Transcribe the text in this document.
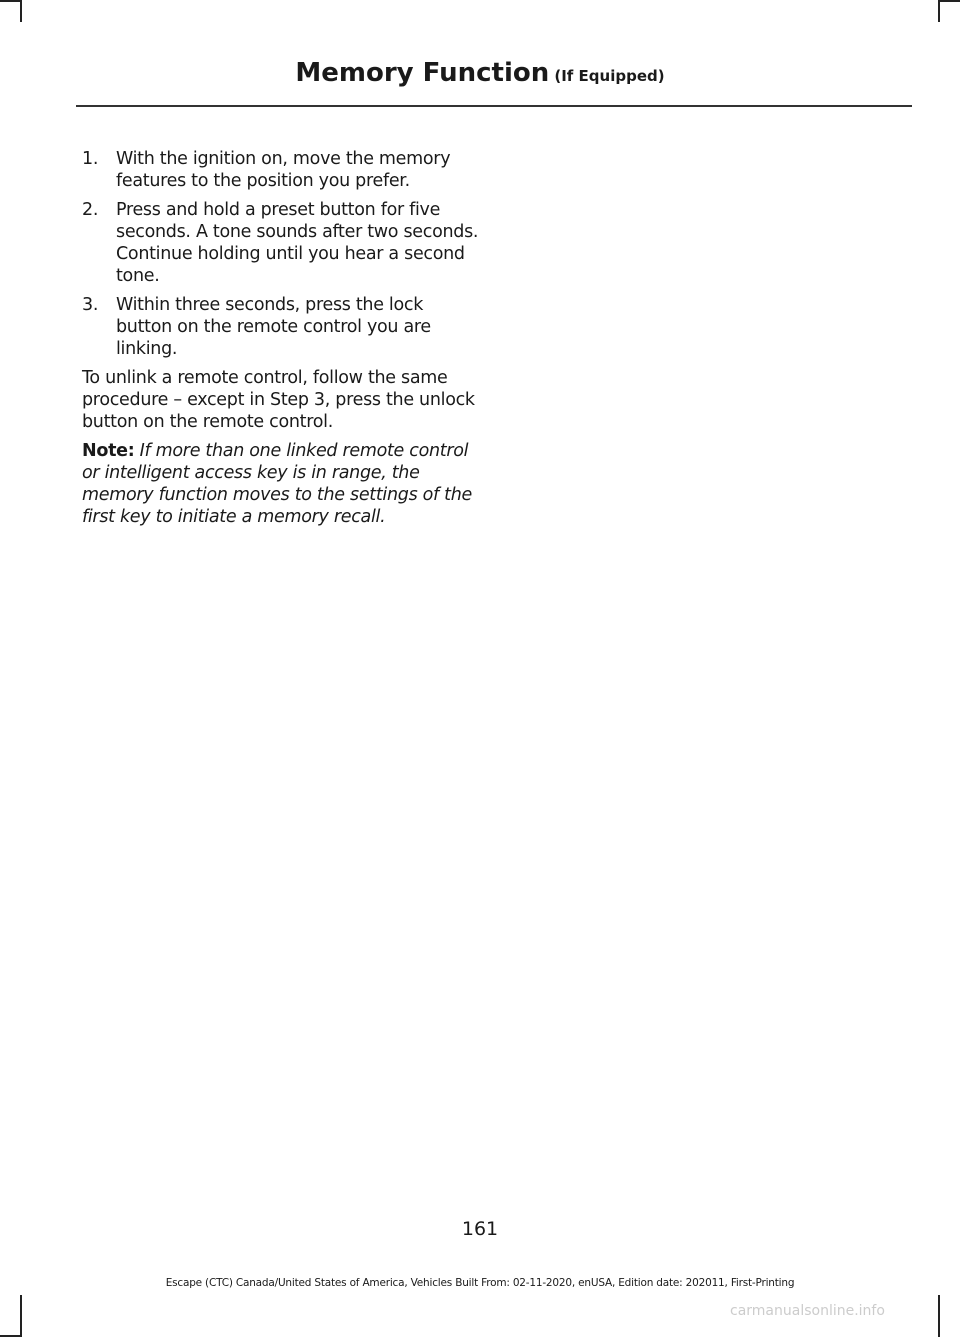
Memory Function (If Equipped)
1. With the ignition on, move the memory features to the position you prefer.
2. Press and hold a preset button for five seconds. A tone sounds after two seconds. Continue holding until you hear a second tone.
3. Within three seconds, press the lock button on the remote control you are linking.

To unlink a remote control, follow the same procedure – except in Step 3, press the unlock button on the remote control.

Note: If more than one linked remote control or intelligent access key is in range, the memory function moves to the settings of the first key to initiate a memory recall.

161
Escape (CTC) Canada/United States of America, Vehicles Built From: 02-11-2020, enUSA, Edition date: 202011, First-Printing
carmanualsonline.info
